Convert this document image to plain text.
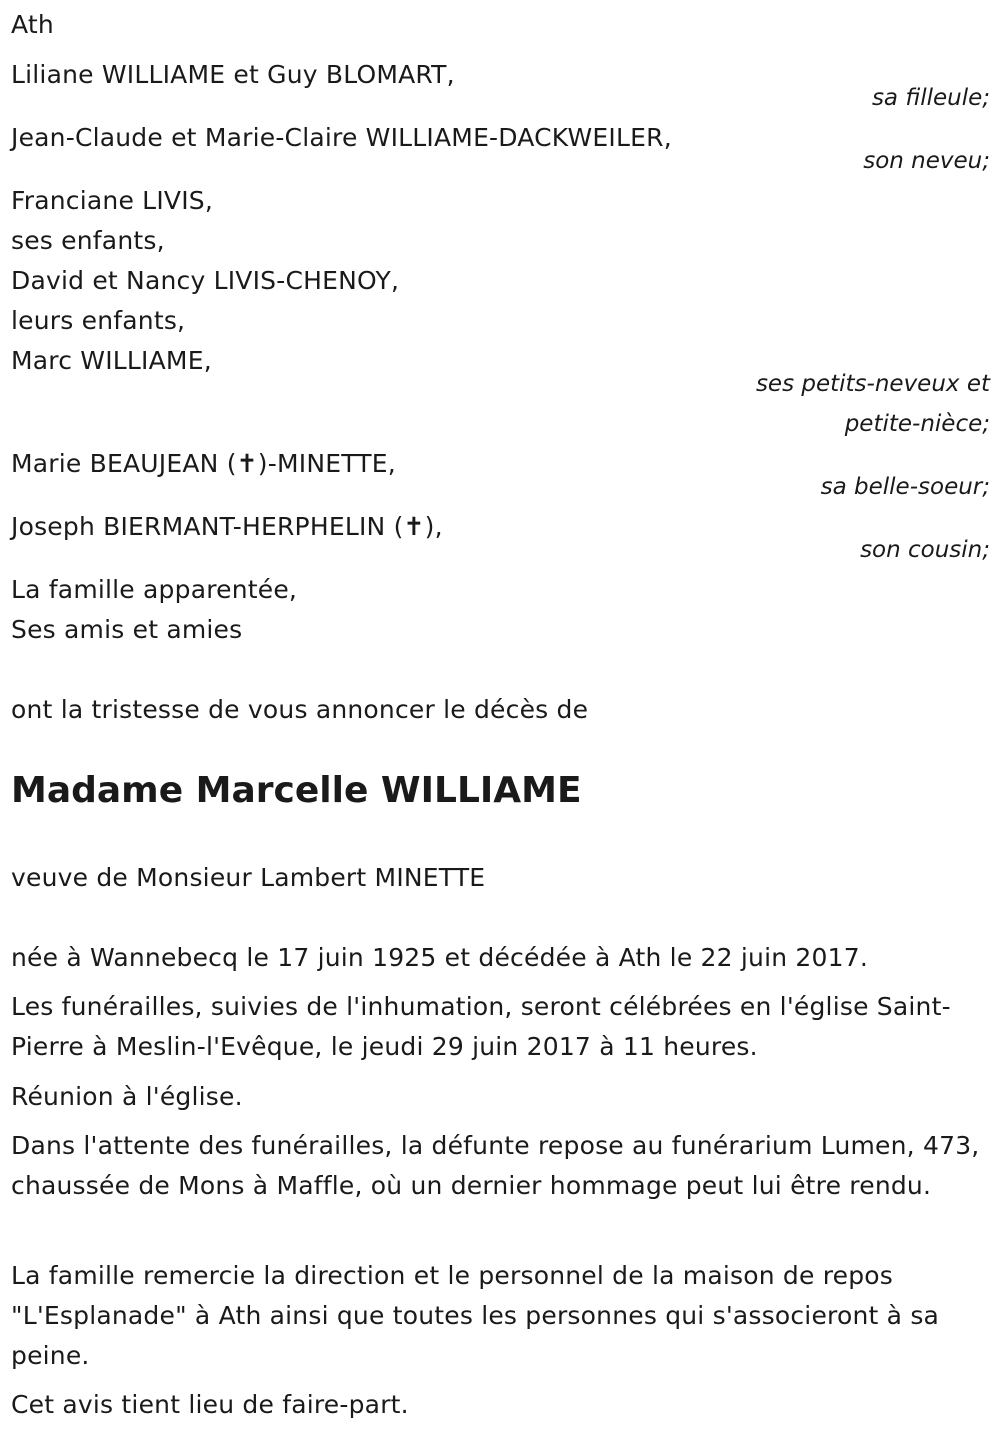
Ath
Liliane WILLIAME et Guy BLOMART,
sa filleule;
Jean-Claude et Marie-Claire WILLIAME-DACKWEILER,
son neveu;
Franciane LIVIS,
ses enfants,
David et Nancy LIVIS-CHENOY,
leurs enfants,
Marc WILLIAME,
ses petits-neveux et
petite-nièce;
Marie BEAUJEAN (✝)-MINETTE,
sa belle-soeur;
Joseph BIERMANT-HERPHELIN (✝),
son cousin;
La famille apparentée,
Ses amis et amies
ont la tristesse de vous annoncer le décès de
Madame Marcelle WILLIAME
veuve de Monsieur Lambert MINETTE
née à Wannebecq le 17 juin 1925 et décédée à Ath le 22 juin 2017.
Les funérailles, suivies de l'inhumation, seront célébrées en l'église Saint-Pierre à Meslin-l'Evêque, le jeudi 29 juin 2017 à 11 heures.
Réunion à l'église.
Dans l'attente des funérailles, la défunte repose au funérarium Lumen, 473, chaussée de Mons à Maffle, où un dernier hommage peut lui être rendu.
La famille remercie la direction et le personnel de la maison de repos "L'Esplanade" à Ath ainsi que toutes les personnes qui s'associeront à sa peine.
Cet avis tient lieu de faire-part.
